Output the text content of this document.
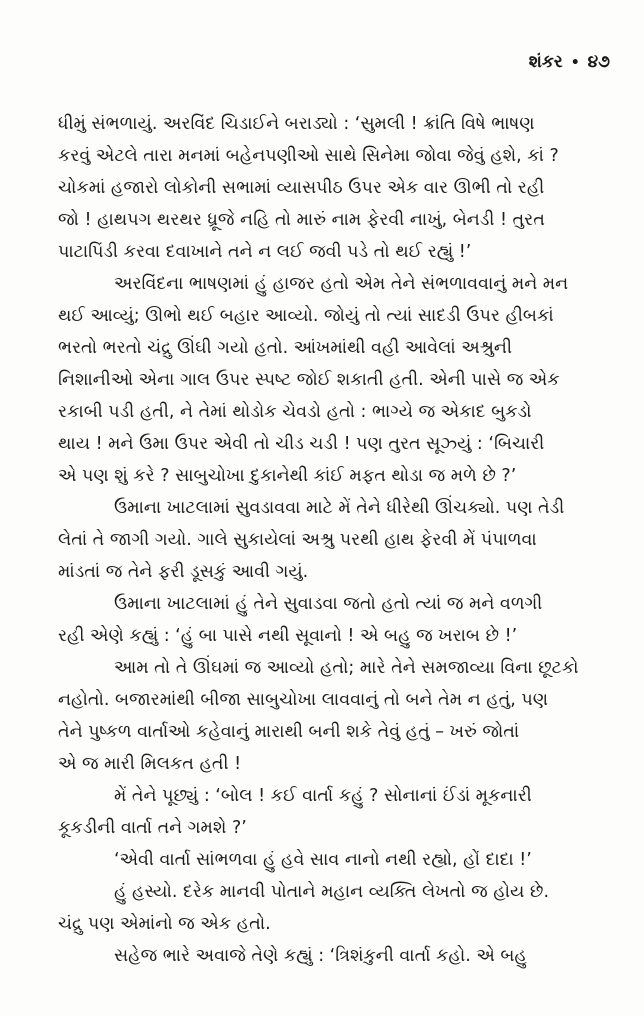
શંકર • ૪૭
ધીમું સંભળાયું. અરવિંદ ચિડાઈને બરાડ્યો : ‘સુમલી ! ક્રાંતિ વિષે ભાષણ
કરવું એટલે તારા મનમાં બહેનપણીઓ સાથે સિનેમા જોવા જેવું હશે, કાં ?
ચોકમાં હજારો લોકોની સભામાં વ્યાસપીઠ ઉપર એક વાર ઊભી તો રહી
જો ! હાથપગ થરથર ધ્રૂજે નહિ તો મારું નામ ફેરવી નાખું, બેનડી ! તુરત
પાટાપિંડી કરવા દવાખાને તને ન લઈ જવી પડે તો થઈ રહ્યું !’
અરવિંદના ભાષણમાં હું હાજર હતો એમ તેને સંભળાવવાનું મને મન
થઈ આવ્યું; ઊભો થઈ બહાર આવ્યો. જોયું તો ત્યાં સાદડી ઉપર હીબકાં
ભરતો ભરતો ચંદ્રુ ઊંઘી ગયો હતો. આંખમાંથી વહી આવેલાં અશ્રુની
નિશાનીઓ એના ગાલ ઉપર સ્પષ્ટ જોઈ શકાતી હતી. એની પાસે જ એક
રકાબી પડી હતી, ને તેમાં થોડોક ચેવડો હતો : ભાગ્યે જ એકાદ બુકડો
થાય ! મને ઉમા ઉપર એવી તો ચીડ ચડી ! પણ તુરત સૂઝ્યું : ‘બિચારી
એ પણ શું કરે ? સાબુચોખા દુકાનેથી કાંઈ મફત થોડા જ મળે છે ?’
ઉમાના ખાટલામાં સુવડાવવા માટે મેં તેને ધીરેથી ઊંચક્યો. પણ તેડી
લેતાં તે જાગી ગયો. ગાલે સુકાયેલાં અશ્રુ પરથી હાથ ફેરવી મેં પંપાળવા
માંડતાં જ તેને ફરી ડૂસકું આવી ગયું.
ઉમાના ખાટલામાં હું તેને સુવાડવા જતો હતો ત્યાં જ મને વળગી
રહી એણે કહ્યું : ‘હું બા પાસે નથી સૂવાનો ! એ બહુ જ ખરાબ છે !’
આમ તો તે ઊંઘમાં જ આવ્યો હતો; મારે તેને સમજાવ્યા વિના છૂટકો
નહોતો. બજારમાંથી બીજા સાબુચોખા લાવવાનું તો બને તેમ ન હતું, પણ
તેને પુષ્કળ વાર્તાઓ કહેવાનું મારાથી બની શકે તેવું હતું – ખરું જોતાં
એ જ મારી મિલકત હતી !
મેં તેને પૂછ્યું : ‘બોલ ! કઈ વાર્તા કહું ? સોનાનાં ઈંડાં મૂકનારી
કૂકડીની વાર્તા તને ગમશે ?’
‘એવી વાર્તા સાંભળવા હું હવે સાવ નાનો નથી રહ્યો, હોં દાદા !’
હું હસ્યો. દરેક માનવી પોતાને મહાન વ્યક્તિ લેખતો જ હોય છે.
ચંદ્રુ પણ એમાંનો જ એક હતો.
સહેજ ભારે અવાજે તેણે કહ્યું : ‘ત્રિશંકુની વાર્તા કહો. એ બહુ
